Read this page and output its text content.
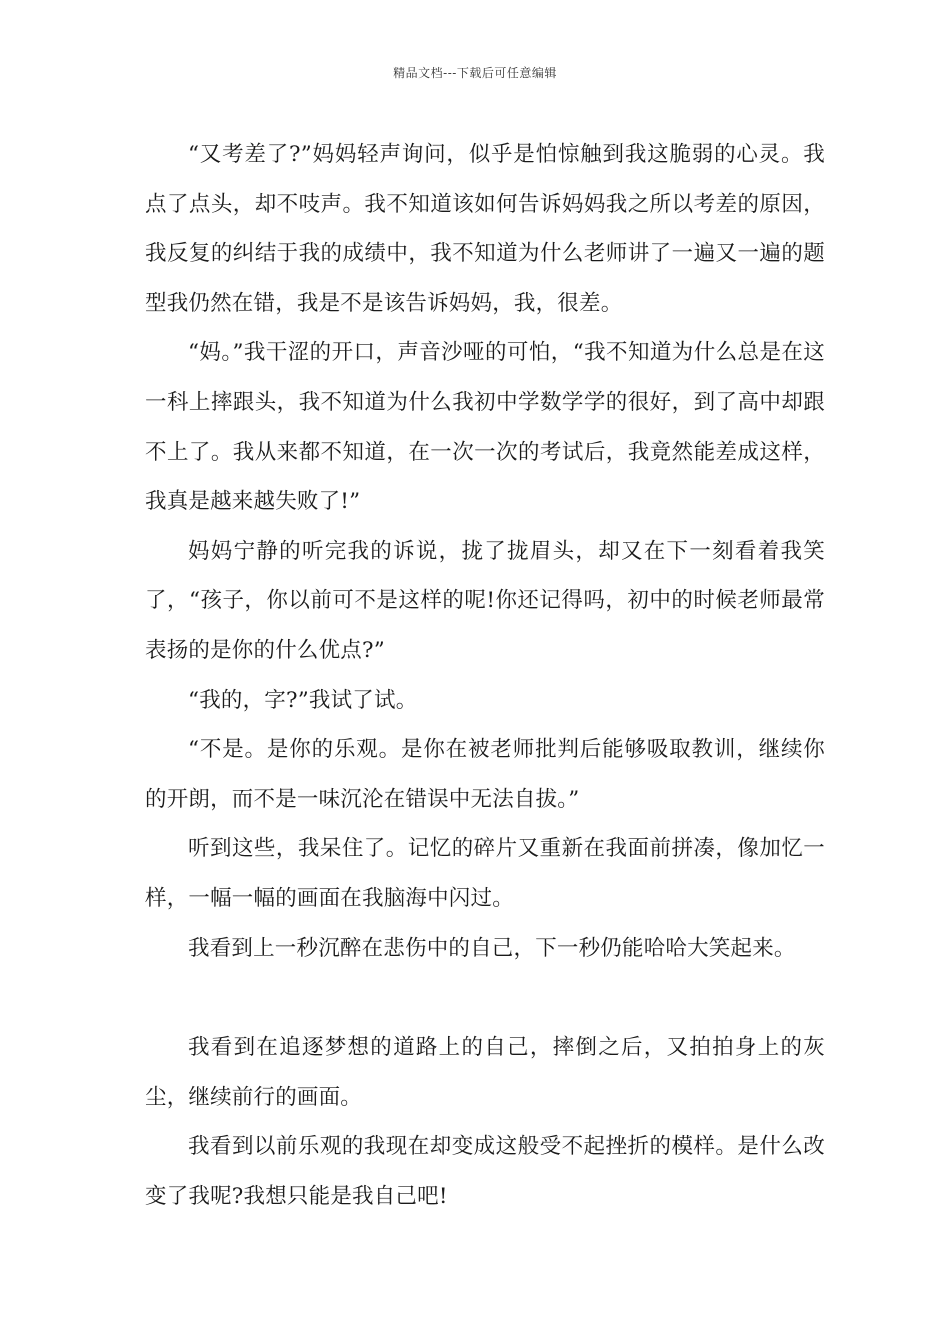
精品文档---下载后可任意编辑

“又考差了?”妈妈轻声询问，似乎是怕惊触到我这脆弱的心灵。我点了点头，却不吱声。我不知道该如何告诉妈妈我之所以考差的原因，我反复的纠结于我的成绩中，我不知道为什么老师讲了一遍又一遍的题型我仍然在错，我是不是该告诉妈妈，我，很差。

“妈。”我干涩的开口，声音沙哑的可怕，“我不知道为什么总是在这一科上摔跟头，我不知道为什么我初中学数学学的很好，到了高中却跟不上了。我从来都不知道，在一次一次的考试后，我竟然能差成这样，我真是越来越失败了!”

妈妈宁静的听完我的诉说，拢了拢眉头，却又在下一刻看着我笑了，“孩子，你以前可不是这样的呢!你还记得吗，初中的时候老师最常表扬的是你的什么优点?”

“我的，字?”我试了试。

“不是。是你的乐观。是你在被老师批判后能够吸取教训，继续你的开朗，而不是一味沉沦在错误中无法自拔。”

听到这些，我呆住了。记忆的碎片又重新在我面前拼凑，像加忆一样，一幅一幅的画面在我脑海中闪过。

我看到上一秒沉醉在悲伤中的自己，下一秒仍能哈哈大笑起来。

我看到在追逐梦想的道路上的自己，摔倒之后，又拍拍身上的灰尘，继续前行的画面。

我看到以前乐观的我现在却变成这般受不起挫折的模样。是什么改变了我呢?我想只能是我自己吧!
